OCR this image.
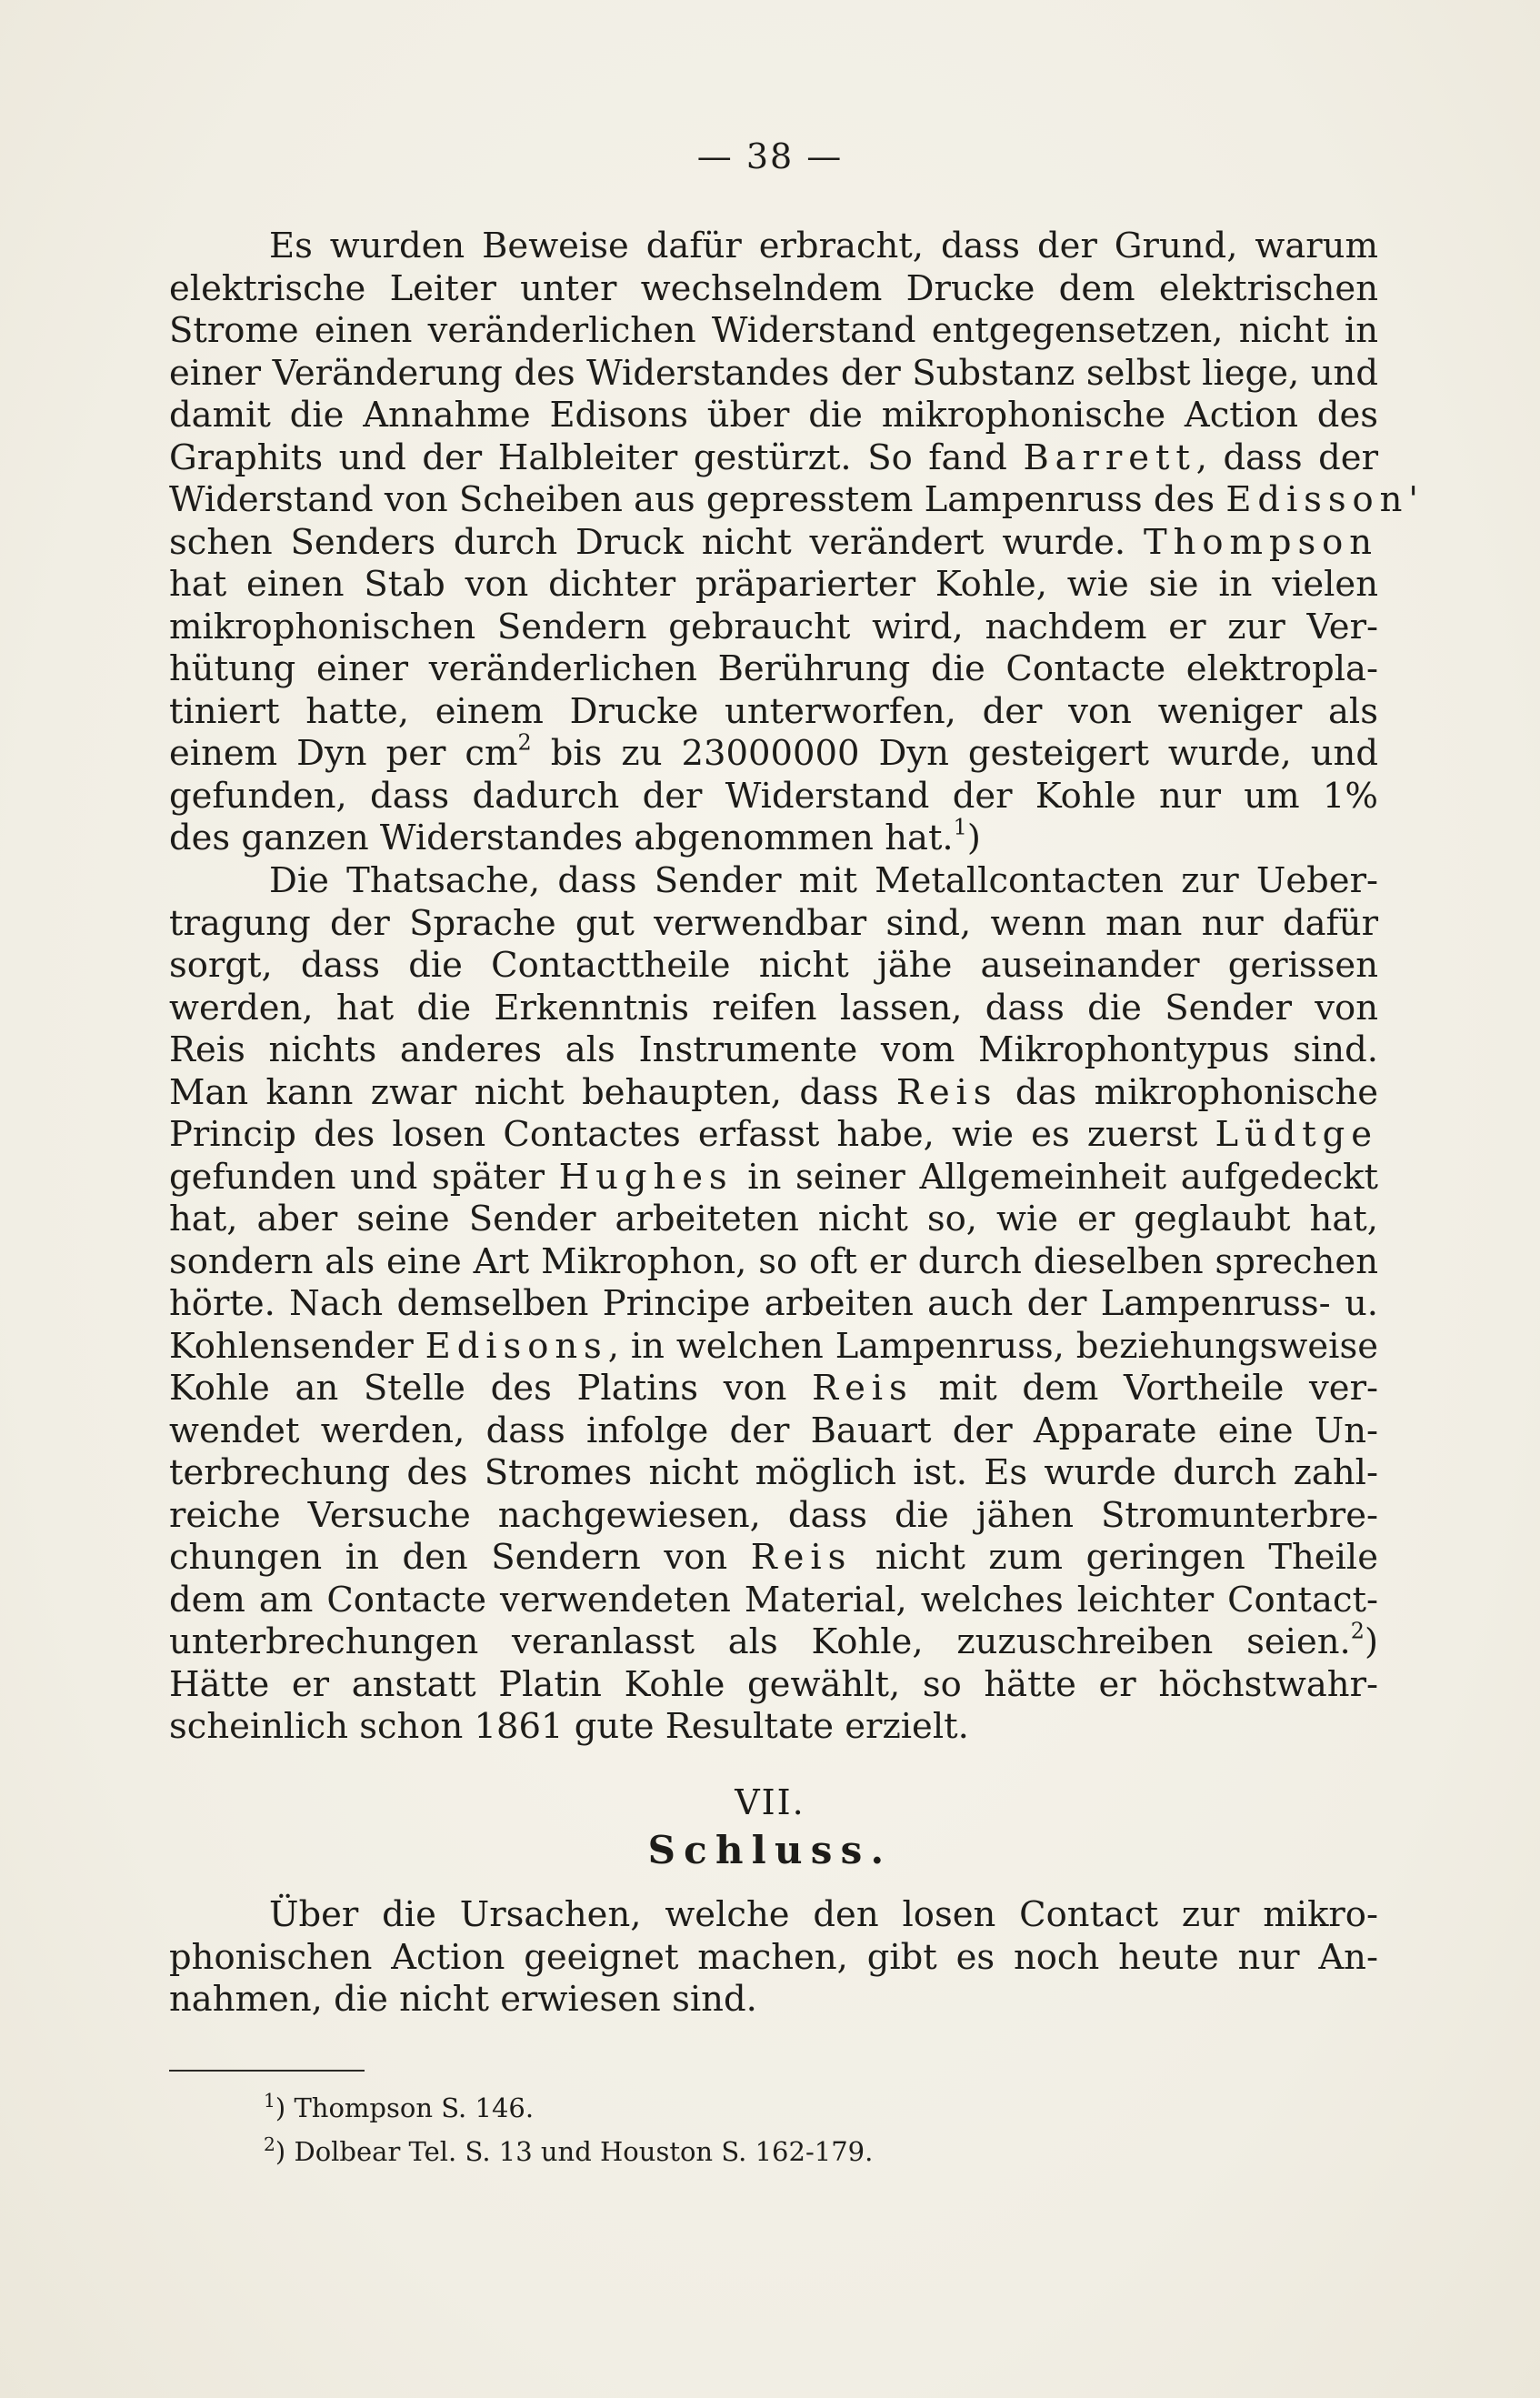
— 38 —
Es wurden Beweise dafür erbracht, dass der Grund, warum
elektrische Leiter unter wechselndem Drucke dem elektrischen
Strome einen veränderlichen Widerstand entgegensetzen, nicht in
einer Veränderung des Widerstandes der Substanz selbst liege, und
damit die Annahme Edisons über die mikrophonische Action des
Graphits und der Halbleiter gestürzt. So fand Barrett, dass der
Widerstand von Scheiben aus gepresstem Lampenruss des Edisson'
schen Senders durch Druck nicht verändert wurde. Thompson
hat einen Stab von dichter präparierter Kohle, wie sie in vielen
mikrophonischen Sendern gebraucht wird, nachdem er zur Ver-
hütung einer veränderlichen Berührung die Contacte elektropla-
tiniert hatte, einem Drucke unterworfen, der von weniger als
einem Dyn per $cm^2$ bis zu 23000000 Dyn gesteigert wurde, und
gefunden, dass dadurch der Widerstand der Kohle nur um 1%
des ganzen Widerstandes abgenommen hat.$^1$)
Die Thatsache, dass Sender mit Metallcontacten zur Ueber-
tragung der Sprache gut verwendbar sind, wenn man nur dafür
sorgt, dass die Contacttheile nicht jähe auseinander gerissen
werden, hat die Erkenntnis reifen lassen, dass die Sender von
Reis nichts anderes als Instrumente vom Mikrophontypus sind.
Man kann zwar nicht behaupten, dass Reis das mikrophonische
Princip des losen Contactes erfasst habe, wie es zuerst Lüdtge
gefunden und später Hughes in seiner Allgemeinheit aufgedeckt
hat, aber seine Sender arbeiteten nicht so, wie er geglaubt hat,
sondern als eine Art Mikrophon, so oft er durch dieselben sprechen
hörte. Nach demselben Principe arbeiten auch der Lampenruss- u.
Kohlensender Edisons, in welchen Lampenruss, beziehungsweise
Kohle an Stelle des Platins von Reis mit dem Vortheile ver-
wendet werden, dass infolge der Bauart der Apparate eine Un-
terbrechung des Stromes nicht möglich ist. Es wurde durch zahl-
reiche Versuche nachgewiesen, dass die jähen Stromunterbre-
chungen in den Sendern von Reis nicht zum geringen Theile
dem am Contacte verwendeten Material, welches leichter Contact-
unterbrechungen veranlasst als Kohle, zuzuschreiben seien.$^2$)
Hätte er anstatt Platin Kohle gewählt, so hätte er höchstwahr-
scheinlich schon 1861 gute Resultate erzielt.
VII.
Schluss.
Über die Ursachen, welche den losen Contact zur mikro-
phonischen Action geeignet machen, gibt es noch heute nur An-
nahmen, die nicht erwiesen sind.
$^1$) Thompson S. 146.
$^2$) Dolbear Tel. S. 13 und Houston S. 162-179.
